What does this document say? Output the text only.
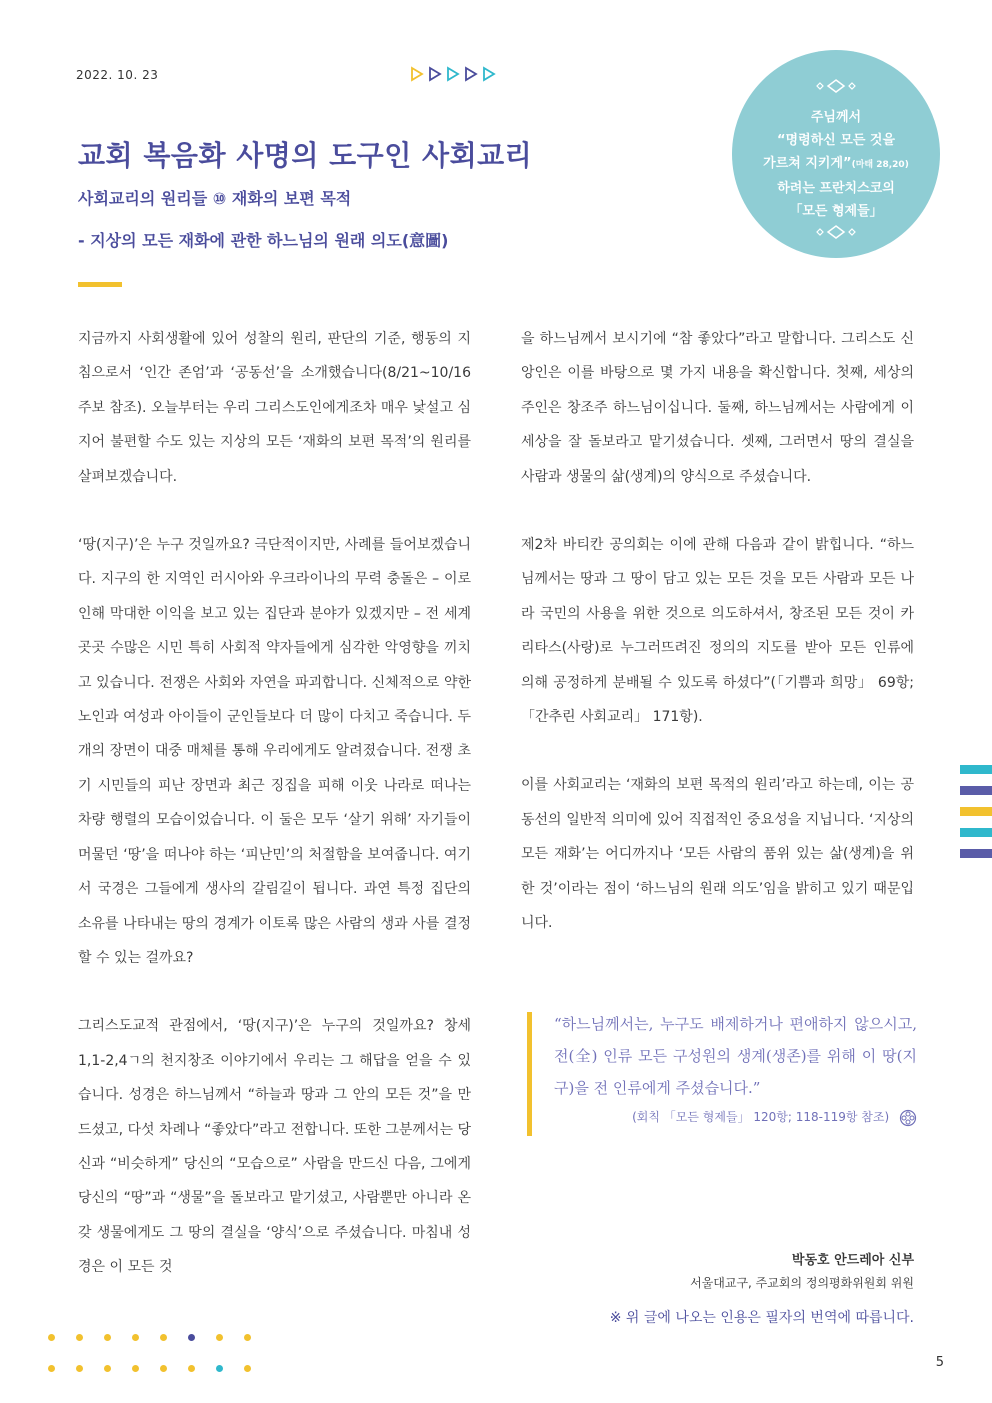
2022. 10. 23
주님께서
“명령하신 모든 것을
가르쳐 지키게”(마태 28,20)
하려는 프란치스코의
「모든 형제들」
교회 복음화 사명의 도구인 사회교리
사회교리의 원리들 ⑩ 재화의 보편 목적
- 지상의 모든 재화에 관한 하느님의 원래 의도(意圖)

지금까지 사회생활에 있어 성찰의 원리, 판단의 기준, 행동의 지침으로서 ‘인간 존엄’과 ‘공동선’을 소개했습니다(8/21~10/16 주보 참조). 오늘부터는 우리 그리스도인에게조차 매우 낯설고 심지어 불편할 수도 있는 지상의 모든 ‘재화의 보편 목적’의 원리를 살펴보겠습니다.

‘땅(지구)’은 누구 것일까요? 극단적이지만, 사례를 들어보겠습니다. 지구의 한 지역인 러시아와 우크라이나의 무력 충돌은 – 이로 인해 막대한 이익을 보고 있는 집단과 분야가 있겠지만 – 전 세계 곳곳 수많은 시민 특히 사회적 약자들에게 심각한 악영향을 끼치고 있습니다. 전쟁은 사회와 자연을 파괴합니다. 신체적으로 약한 노인과 여성과 아이들이 군인들보다 더 많이 다치고 죽습니다. 두 개의 장면이 대중 매체를 통해 우리에게도 알려졌습니다. 전쟁 초기 시민들의 피난 장면과 최근 징집을 피해 이웃 나라로 떠나는 차량 행렬의 모습이었습니다. 이 둘은 모두 ‘살기 위해’ 자기들이 머물던 ‘땅’을 떠나야 하는 ‘피난민’의 처절함을 보여줍니다. 여기서 국경은 그들에게 생사의 갈림길이 됩니다. 과연 특정 집단의 소유를 나타내는 땅의 경계가 이토록 많은 사람의 생과 사를 결정할 수 있는 걸까요?

그리스도교적 관점에서, ‘땅(지구)’은 누구의 것일까요? 창세 1,1-2,4ㄱ의 천지창조 이야기에서 우리는 그 해답을 얻을 수 있습니다. 성경은 하느님께서 “하늘과 땅과 그 안의 모든 것”을 만드셨고, 다섯 차례나 “좋았다”라고 전합니다. 또한 그분께서는 당신과 “비슷하게” 당신의 “모습으로” 사람을 만드신 다음, 그에게 당신의 “땅”과 “생물”을 돌보라고 맡기셨고, 사람뿐만 아니라 온갖 생물에게도 그 땅의 결실을 ‘양식’으로 주셨습니다. 마침내 성경은 이 모든 것

을 하느님께서 보시기에 “참 좋았다”라고 말합니다. 그리스도 신앙인은 이를 바탕으로 몇 가지 내용을 확신합니다. 첫째, 세상의 주인은 창조주 하느님이십니다. 둘째, 하느님께서는 사람에게 이 세상을 잘 돌보라고 맡기셨습니다. 셋째, 그러면서 땅의 결실을 사람과 생물의 삶(생계)의 양식으로 주셨습니다.

제2차 바티칸 공의회는 이에 관해 다음과 같이 밝힙니다. “하느님께서는 땅과 그 땅이 담고 있는 모든 것을 모든 사람과 모든 나라 국민의 사용을 위한 것으로 의도하셔서, 창조된 모든 것이 카리타스(사랑)로 누그러뜨려진 정의의 지도를 받아 모든 인류에 의해 공정하게 분배될 수 있도록 하셨다”(「기쁨과 희망」 69항; 「간추린 사회교리」 171항).

이를 사회교리는 ‘재화의 보편 목적의 원리’라고 하는데, 이는 공동선의 일반적 의미에 있어 직접적인 중요성을 지닙니다. ‘지상의 모든 재화’는 어디까지나 ‘모든 사람의 품위 있는 삶(생계)을 위한 것’이라는 점이 ‘하느님의 원래 의도’임을 밝히고 있기 때문입니다.

“하느님께서는, 누구도 배제하거나 편애하지 않으시고, 전(全) 인류 모든 구성원의 생계(생존)를 위해 이 땅(지구)을 전 인류에게 주셨습니다.”
(회칙 「모든 형제들」 120항; 118-119항 참조)
박동호 안드레아 신부
서울대교구, 주교회의 정의평화위원회 위원
※ 위 글에 나오는 인용은 필자의 번역에 따릅니다.
5
